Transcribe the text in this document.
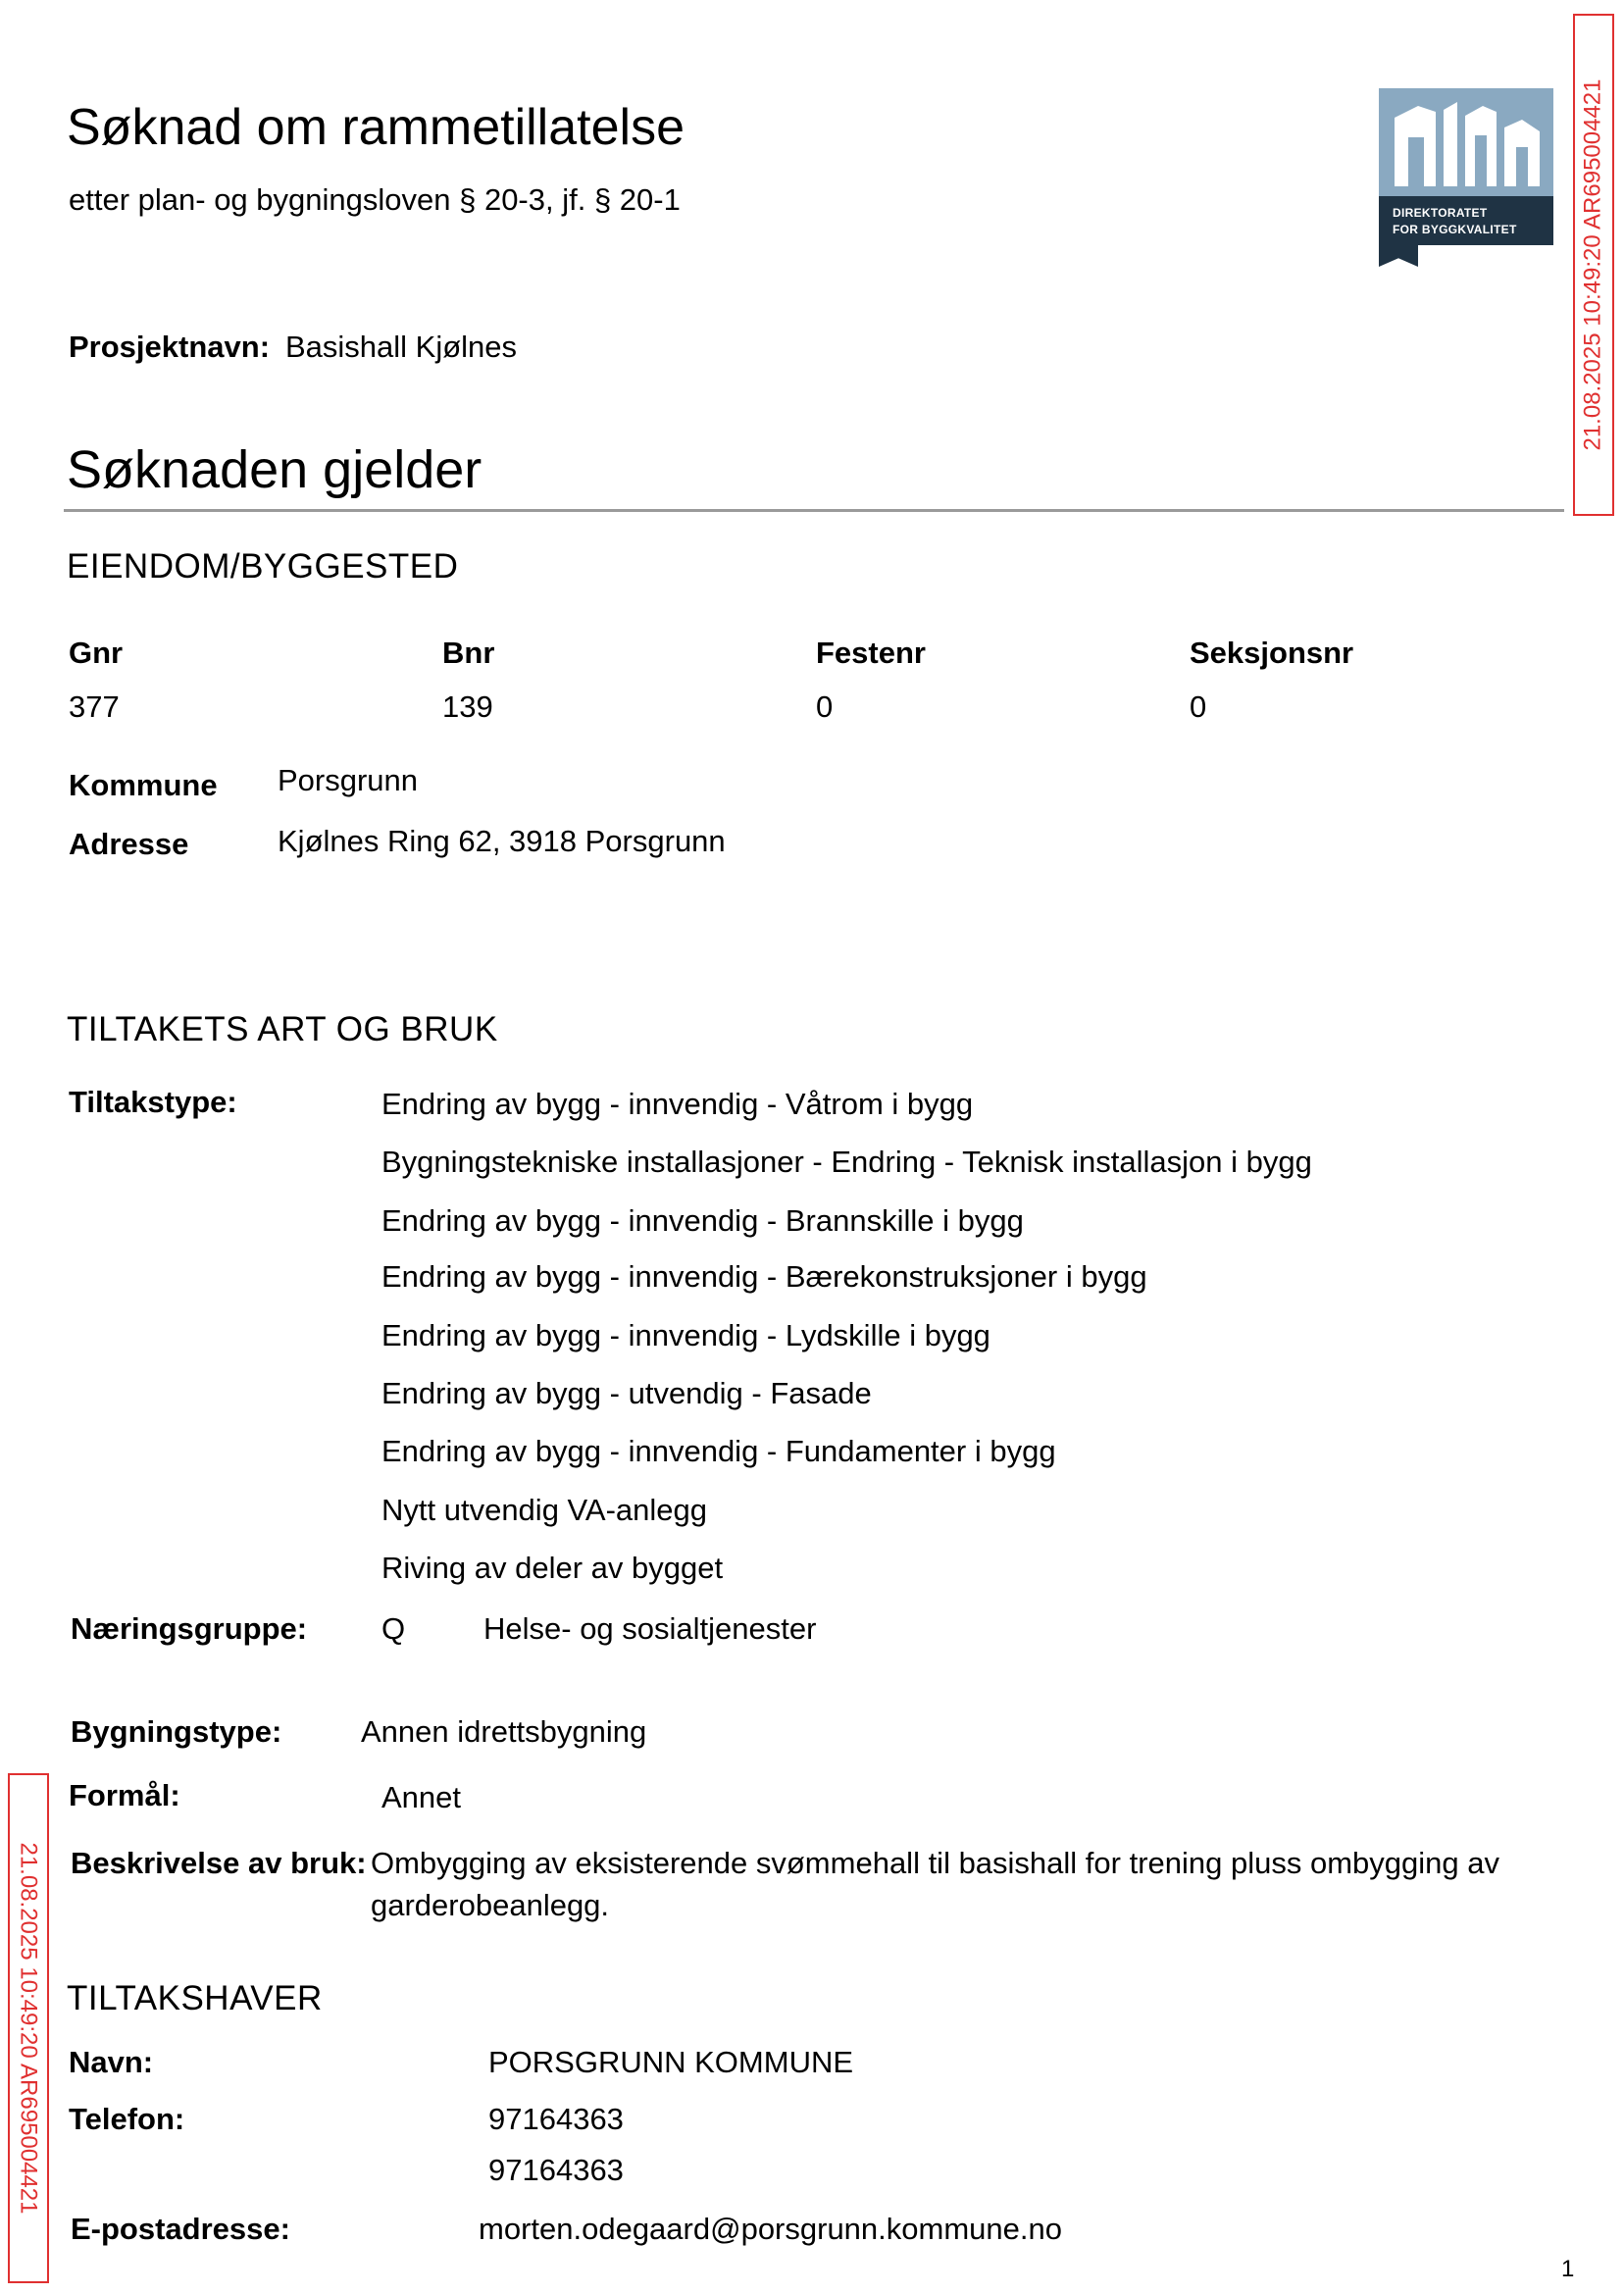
Søknad om rammetillatelse
etter plan- og bygningsloven § 20-3, jf. § 20-1	DIREKTORATET
FOR BYGGKVALITET	21.08.2025 10:49:20 AR695004421
21.08.2025 10:49:20 AR695004421
Prosjektnavn: Basishall Kjølnes
Søknaden gjelder
EIENDOM/BYGGESTED
Gnr	Bnr	Festenr	Seksjonsnr
377	139	0	0
Kommune Porsgrunn
Adresse	Kjølnes Ring 62, 3918 Porsgrunn
TILTAKETS ART OG BRUK
Tiltakstype:	Endring av bygg - innvendig - Våtrom i bygg
Bygningstekniske installasjoner - Endring - Teknisk installasjon i bygg
Endring av bygg - innvendig - Brannskille i bygg
Endring av bygg - innvendig - Bærekonstruksjoner i bygg
Endring av bygg - innvendig - Lydskille i bygg
Endring av bygg - utvendig - Fasade
Endring av bygg - innvendig - Fundamenter i bygg
Nytt utvendig VA-anlegg
Riving av deler av bygget
Næringsgruppe: Q	Helse- og sosialtjenester
Bygningstype:	Annen idrettsbygning
Formål:	Annet
Beskrivelse av bruk: Ombygging av eksisterende svømmehall til basishall for trening pluss ombygging av
garderobeanlegg.
TILTAKSHAVER
Navn:	PORSGRUNN KOMMUNE
Telefon:	97164363
97164363
E-postadresse:	morten.odegaard@porsgrunn.kommune.no
1
